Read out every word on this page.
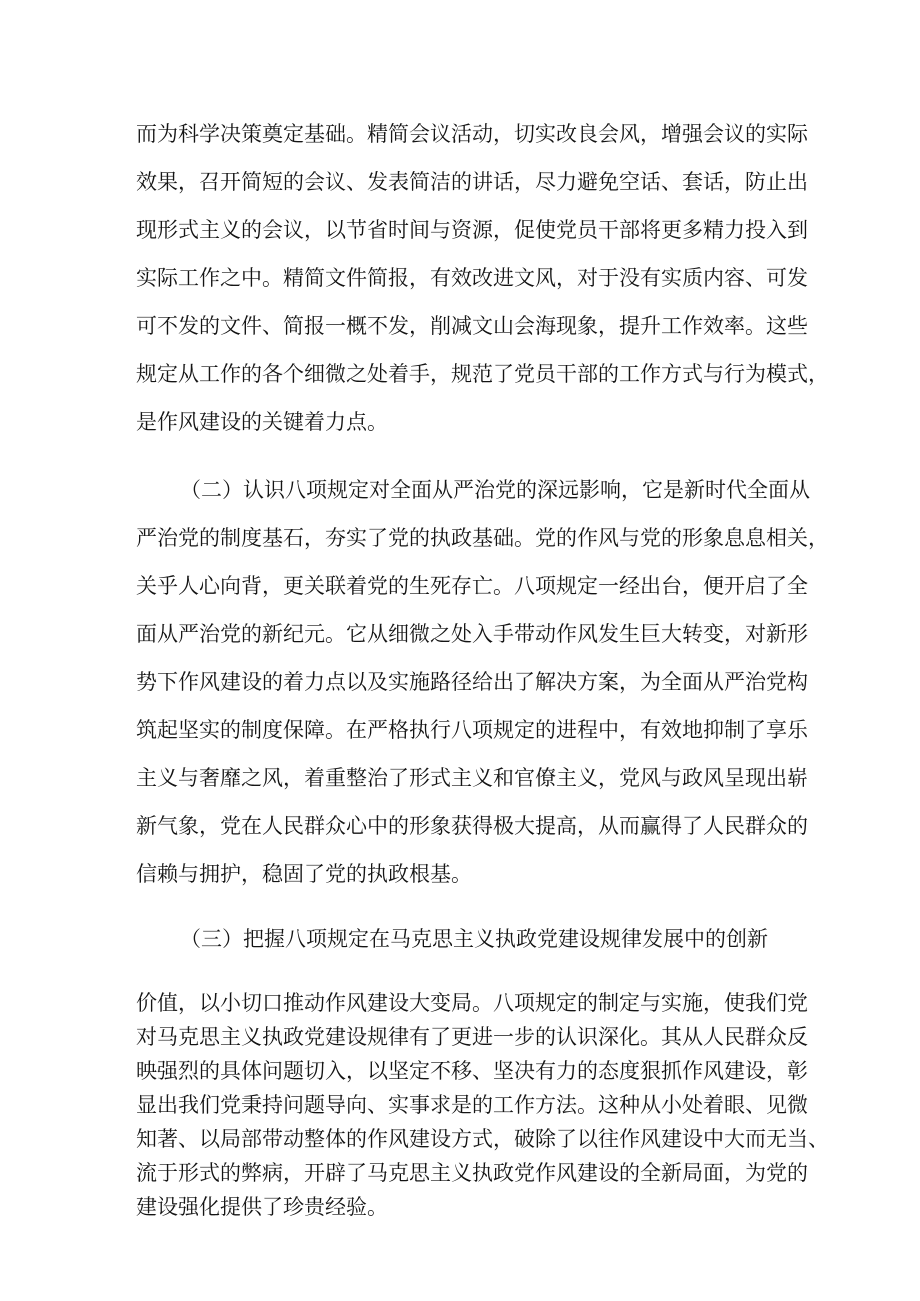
而为科学决策奠定基础。精简会议活动，切实改良会风，增强会议的实际
效果，召开简短的会议、发表简洁的讲话，尽力避免空话、套话，防止出
现形式主义的会议，以节省时间与资源，促使党员干部将更多精力投入到
实际工作之中。精简文件简报，有效改进文风，对于没有实质内容、可发
可不发的文件、简报一概不发，削减文山会海现象，提升工作效率。这些
规定从工作的各个细微之处着手，规范了党员干部的工作方式与行为模式，
是作风建设的关键着力点。
（二）认识八项规定对全面从严治党的深远影响，它是新时代全面从
严治党的制度基石，夯实了党的执政基础。党的作风与党的形象息息相关，
关乎人心向背，更关联着党的生死存亡。八项规定一经出台，便开启了全
面从严治党的新纪元。它从细微之处入手带动作风发生巨大转变，对新形
势下作风建设的着力点以及实施路径给出了解决方案，为全面从严治党构
筑起坚实的制度保障。在严格执行八项规定的进程中，有效地抑制了享乐
主义与奢靡之风，着重整治了形式主义和官僚主义，党风与政风呈现出崭
新气象，党在人民群众心中的形象获得极大提高，从而赢得了人民群众的
信赖与拥护，稳固了党的执政根基。
（三）把握八项规定在马克思主义执政党建设规律发展中的创新
价值，以小切口推动作风建设大变局。八项规定的制定与实施，使我们党
对马克思主义执政党建设规律有了更进一步的认识深化。其从人民群众反
映强烈的具体问题切入，以坚定不移、坚决有力的态度狠抓作风建设，彰
显出我们党秉持问题导向、实事求是的工作方法。这种从小处着眼、见微
知著、以局部带动整体的作风建设方式，破除了以往作风建设中大而无当、
流于形式的弊病，开辟了马克思主义执政党作风建设的全新局面，为党的
建设强化提供了珍贵经验。
